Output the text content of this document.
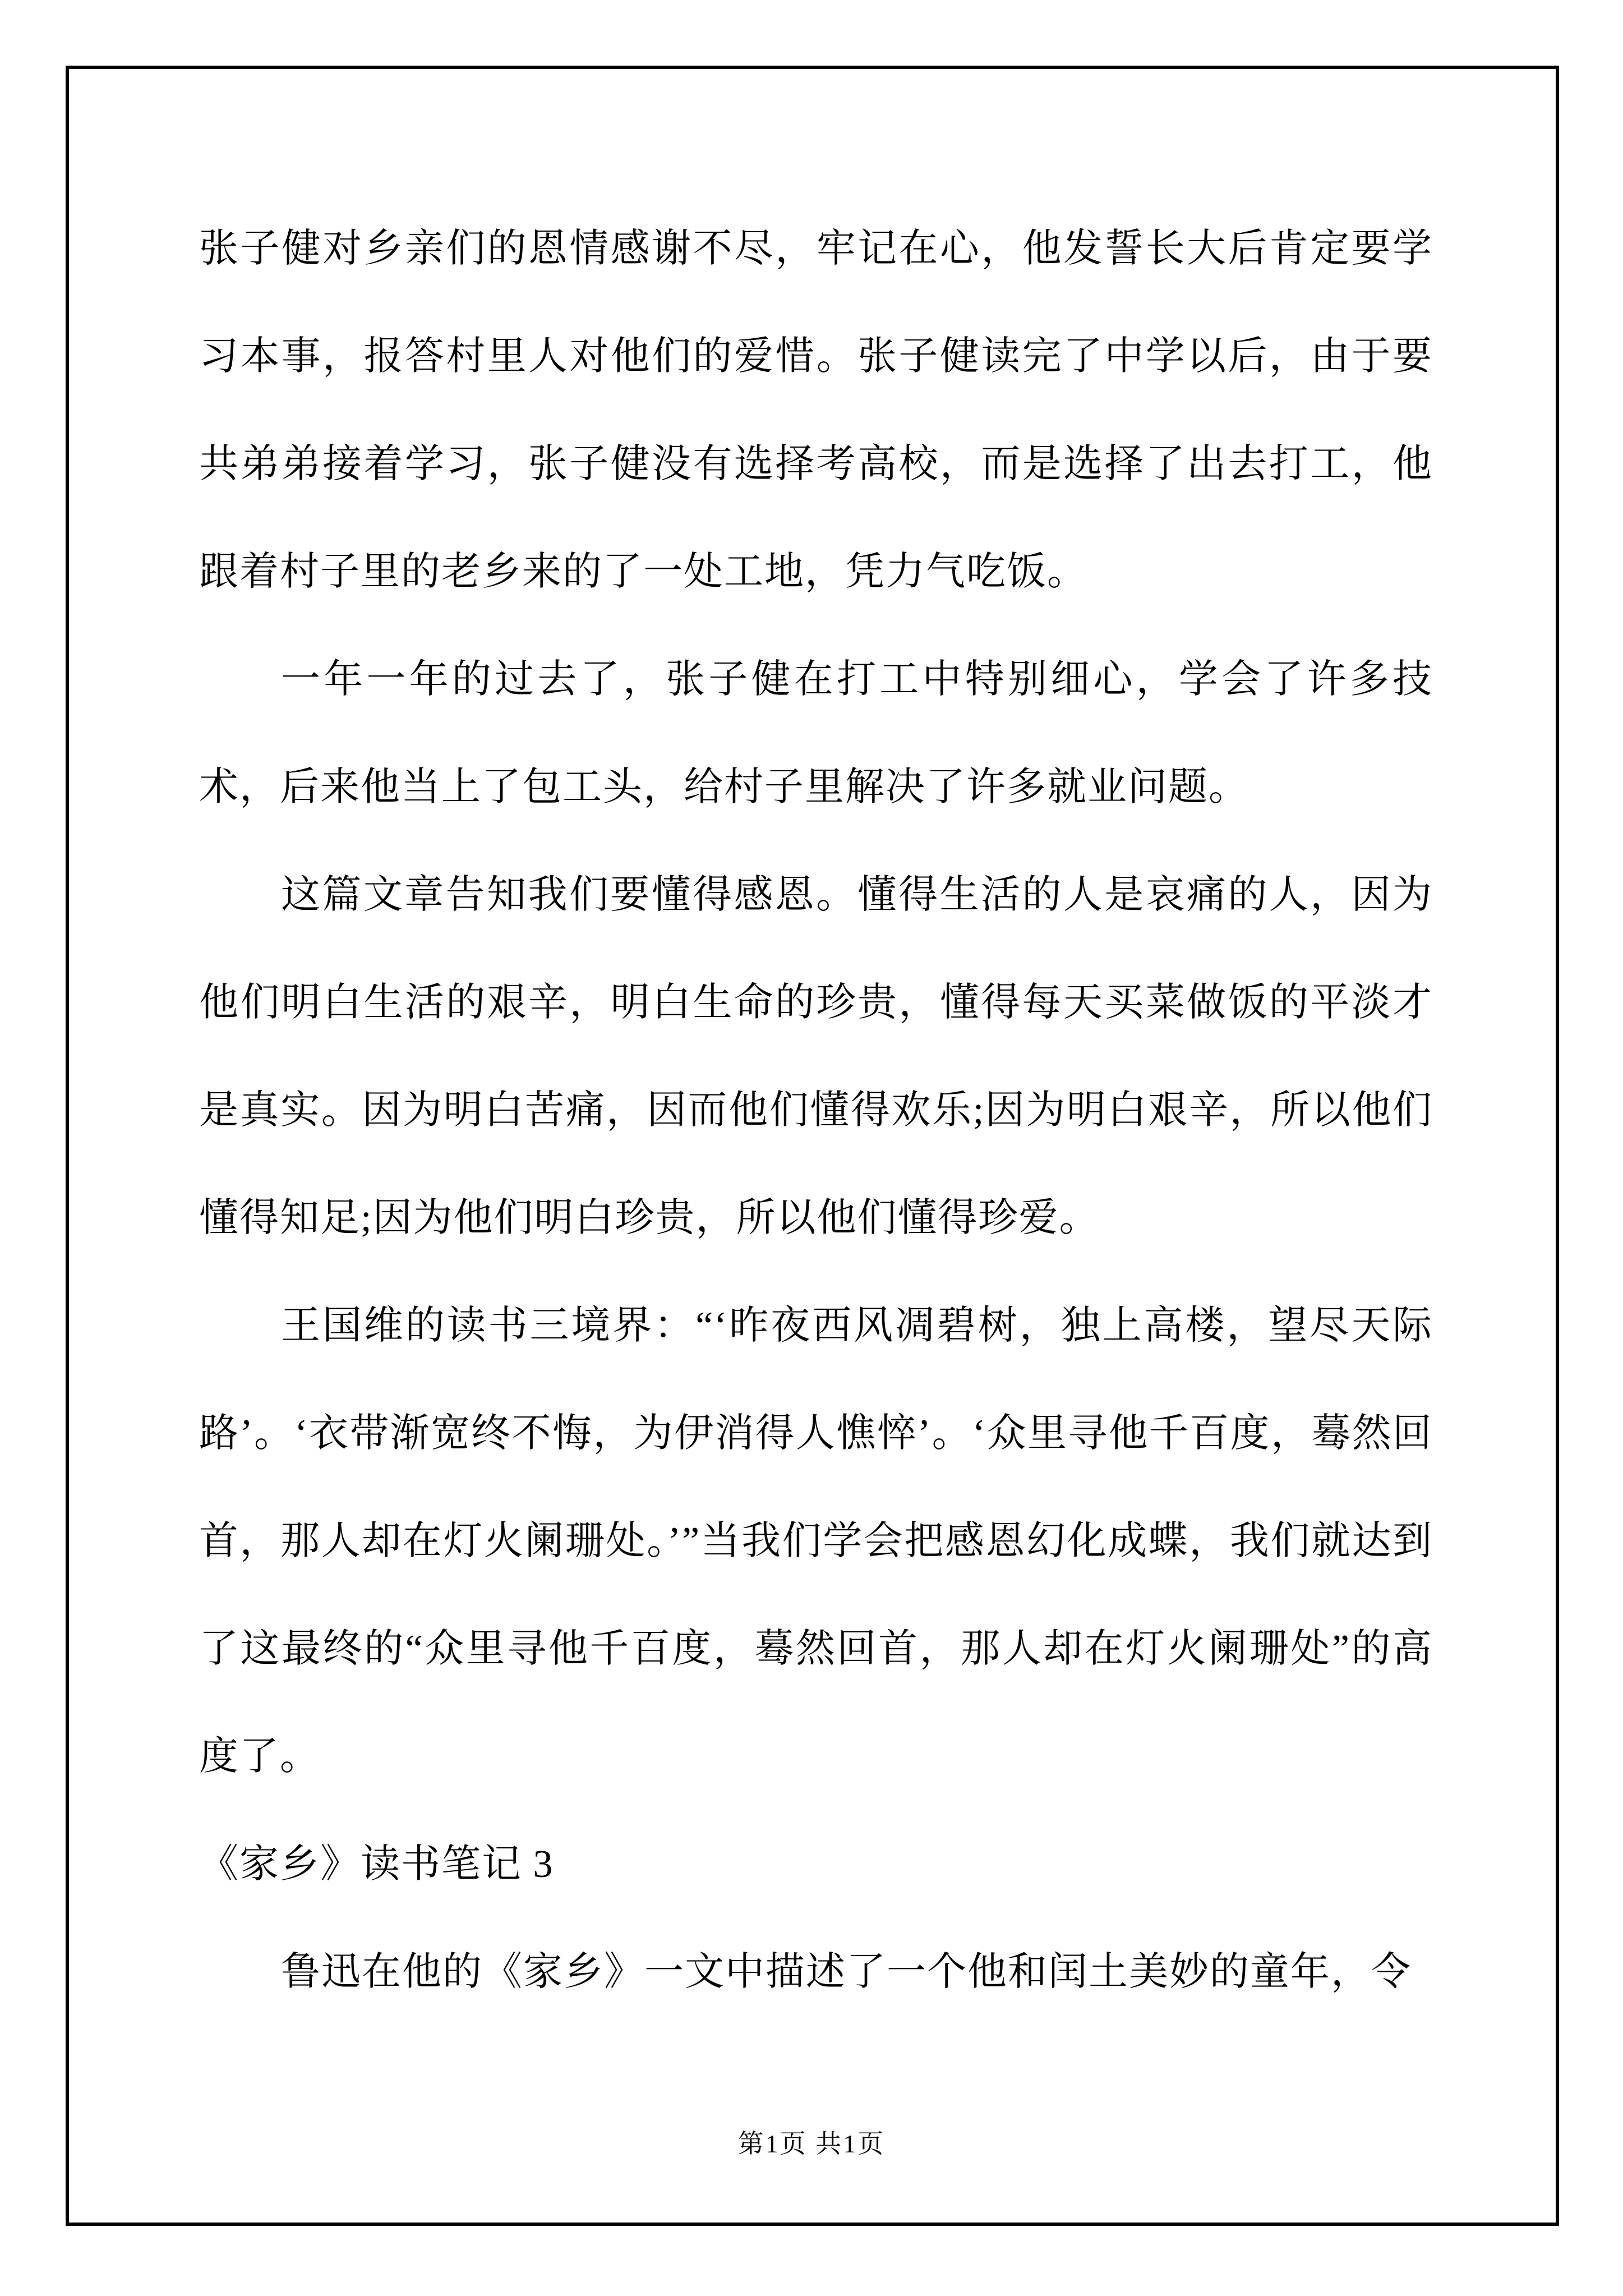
张子健对乡亲们的恩情感谢不尽，牢记在心，他发誓长大后肯定要学习本事，报答村里人对他们的爱惜。张子健读完了中学以后，由于要共弟弟接着学习，张子健没有选择考高校，而是选择了出去打工，他跟着村子里的老乡来的了一处工地，凭力气吃饭。

一年一年的过去了，张子健在打工中特别细心，学会了许多技术，后来他当上了包工头，给村子里解决了许多就业问题。

这篇文章告知我们要懂得感恩。懂得生活的人是哀痛的人，因为他们明白生活的艰辛，明白生命的珍贵，懂得每天买菜做饭的平淡才是真实。因为明白苦痛，因而他们懂得欢乐;因为明白艰辛，所以他们懂得知足;因为他们明白珍贵，所以他们懂得珍爱。

王国维的读书三境界：“‘昨夜西风凋碧树，独上高楼，望尽天际路’。‘衣带渐宽终不悔，为伊消得人憔悴’。‘众里寻他千百度，蓦然回首，那人却在灯火阑珊处。’”当我们学会把感恩幻化成蝶，我们就达到了这最终的“众里寻他千百度，蓦然回首，那人却在灯火阑珊处”的高度了。

《家乡》读书笔记 3

鲁迅在他的《家乡》一文中描述了一个他和闰土美妙的童年，令

第1页 共1页
